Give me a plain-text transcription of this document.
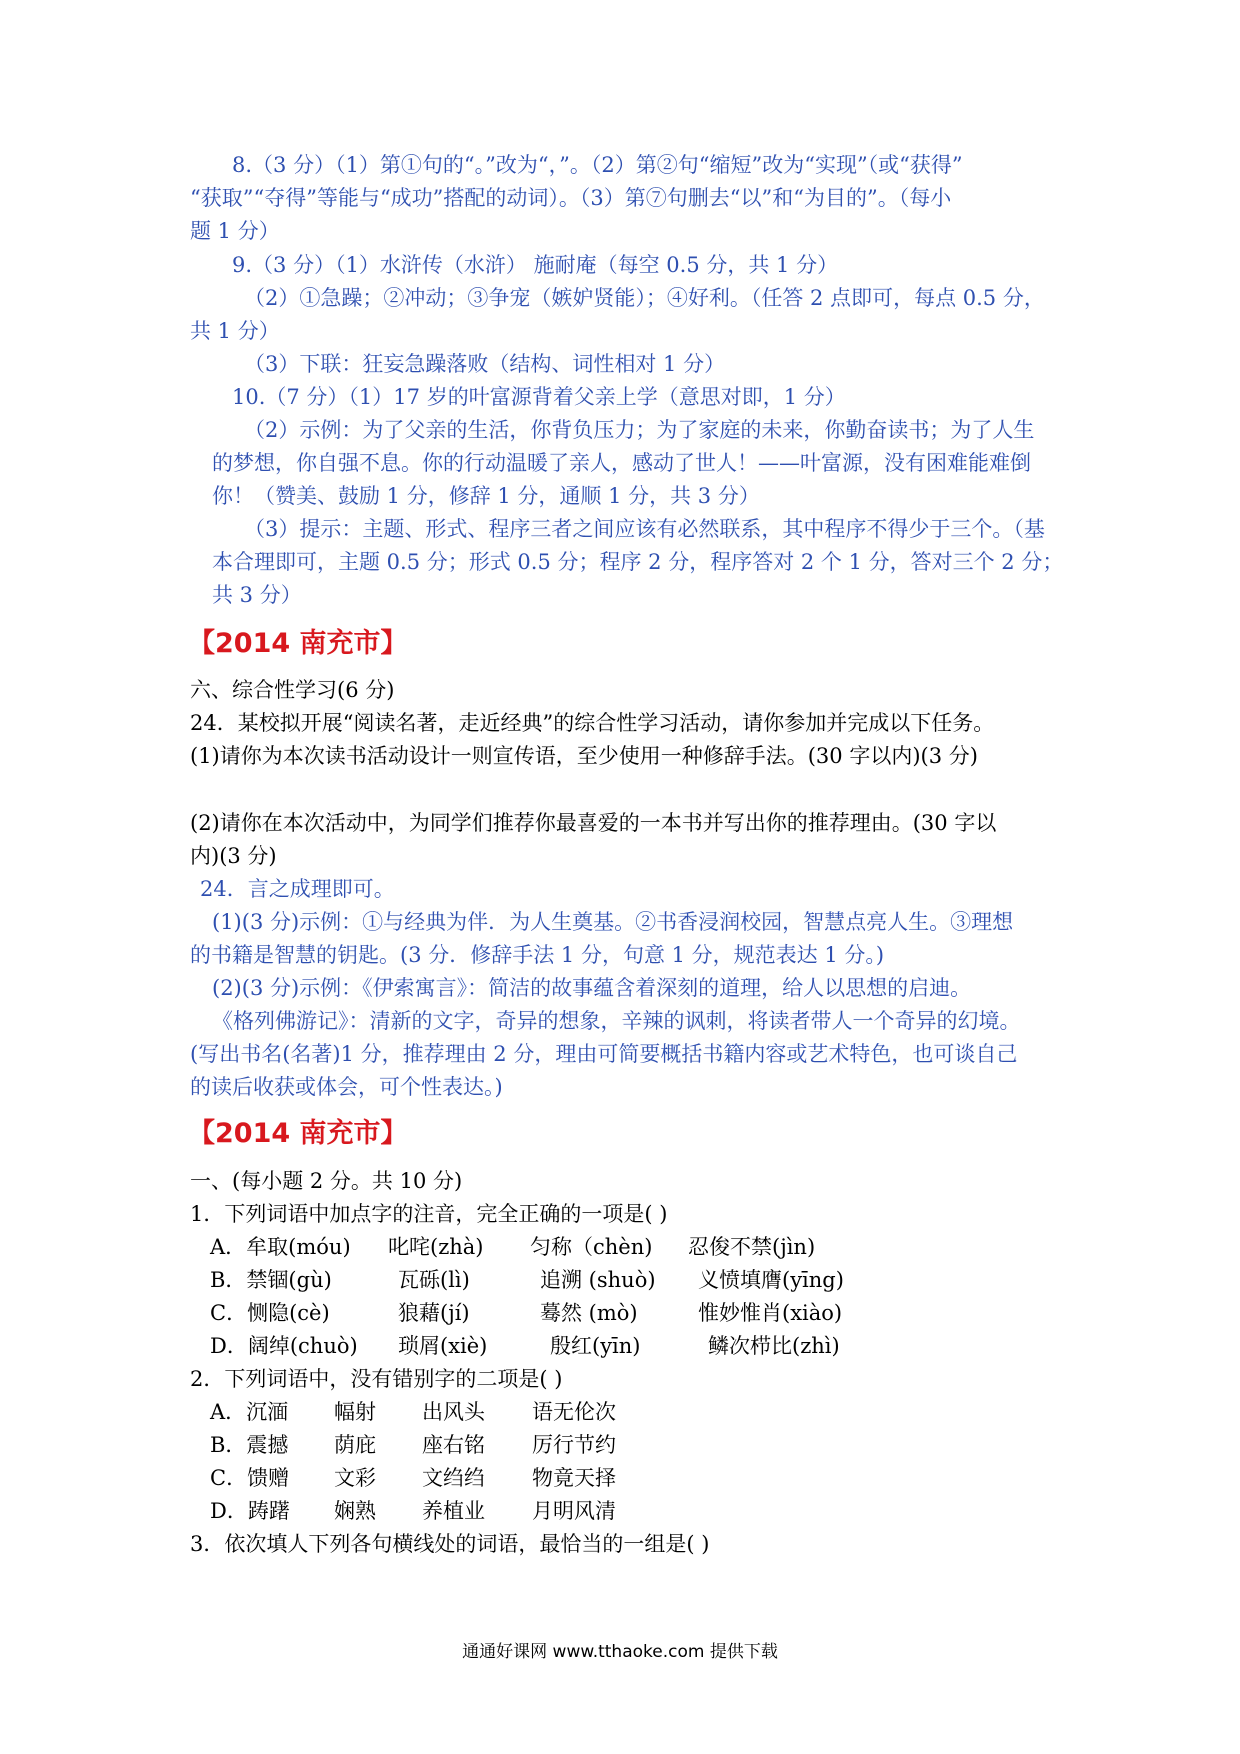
8.（3 分）（1）第①句的“。”改为“，”。（2）第②句“缩短”改为“实现”（或“获得”
“获取”“夺得”等能与“成功”搭配的动词）。（3）第⑦句删去“以”和“为目的”。（每小
题 1 分）
9.（3 分）（1）水浒传（水浒） 施耐庵（每空 0.5 分，共 1 分）
（2）①急躁；②冲动；③争宠（嫉妒贤能）；④好利。（任答 2 点即可，每点 0.5 分，
共 1 分）
（3）下联：狂妄急躁落败（结构、词性相对 1 分）
10.（7 分）（1）17 岁的叶富源背着父亲上学（意思对即，1 分）
（2）示例：为了父亲的生活，你背负压力；为了家庭的未来，你勤奋读书；为了人生
的梦想，你自强不息。你的行动温暖了亲人，感动了世人！——叶富源，没有困难能难倒
你！（赞美、鼓励 1 分，修辞 1 分，通顺 1 分，共 3 分）
（3）提示：主题、形式、程序三者之间应该有必然联系，其中程序不得少于三个。（基
本合理即可，主题 0.5 分；形式 0.5 分；程序 2 分，程序答对 2 个 1 分，答对三个 2 分；
共 3 分）
【2014 南充市】
六、综合性学习(6 分)
24．某校拟开展“阅读名著，走近经典”的综合性学习活动，请你参加并完成以下任务。
(1)请你为本次读书活动设计一则宣传语，至少使用一种修辞手法。(30 字以内)(3 分)
(2)请你在本次活动中，为同学们推荐你最喜爱的一本书并写出你的推荐理由。(30 字以
内)(3 分)
24．言之成理即可。
(1)(3 分)示例：①与经典为伴．为人生奠基。②书香浸润校园，智慧点亮人生。③理想
的书籍是智慧的钥匙。(3 分．修辞手法 1 分，句意 1 分，规范表达 1 分。)
(2)(3 分)示例：《伊索寓言》：简洁的故事蕴含着深刻的道理，给人以思想的启迪。
《格列佛游记》：清新的文字，奇异的想象，辛辣的讽刺，将读者带人一个奇异的幻境。
(写出书名(名著)1 分，推荐理由 2 分，理由可简要概括书籍内容或艺术特色，也可谈自己
的读后收获或体会，可个性表达。)
【2014 南充市】
一、(每小题 2 分。共 10 分)
1．下列词语中加点字的注音，完全正确的一项是( )
A．牟取(móu) 叱咤(zhà) 匀称（chèn) 忍俊不禁(jìn)
B．禁锢(gù)	瓦砾(lì)	追溯 (shuò) 义愤填膺(yīng)
C．恻隐(cè)	狼藉(jí)	蓦然 (mò)	惟妙惟肖(xiào)
D．阔绰(chuò) 琐屑(xiè)	殷红(yīn)	鳞次栉比(zhì)
2．下列词语中，没有错别字的二项是( )
A．沉湎 幅射 出风头 语无伦次
B．震撼 荫庇 座右铭 厉行节约
C．馈赠 文彩 文绉绉 物竟天择
D．踌躇 娴熟 养植业 月明风清
3．依次填人下列各句横线处的词语，最恰当的一组是( )
通通好课网 www.tthaoke.com 提供下载
